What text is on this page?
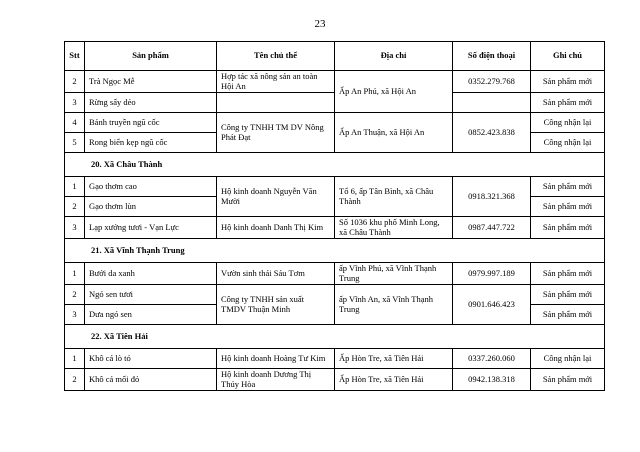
23
Stt	Sản phẩm	Tên chủ thể	Địa chỉ	Số điện thoại	Ghi chú
2	Trà Ngọc Mễ	Hợp tác xã nông sản an toàn Hội An	Ấp An Phú, xã Hội An	0352.279.768	Sản phẩm mới
3	Rừng sấy dẻo				Sản phẩm mới
4	Bánh truyền ngũ cốc	Công ty TNHH TM DV Nông Phát Đạt	Ấp An Thuận, xã Hội An	0852.423.838	Công nhận lại
5	Rong biển kẹp ngũ cốc				Công nhận lại
20. Xã Châu Thành					
1	Gạo thơm cao	Hộ kinh doanh Nguyễn Văn Mười	Tổ 6, ấp Tân Bình, xã Châu Thành	0918.321.368	Sản phẩm mới
2	Gạo thơm lùn				Sản phẩm mới
3	Lạp xưởng tươi - Vạn Lực	Hộ kinh doanh Danh Thị Kim	Số 1036 khu phố Minh Long, xã Châu Thành	0987.447.722	Sản phẩm mới
21. Xã Vĩnh Thạnh Trung					
1	Bưởi da xanh	Vườn sinh thái Sáu Tơm	ấp Vĩnh Phú, xã Vĩnh Thạnh Trung	0979.997.189	Sản phẩm mới
2	Ngó sen tươi	Công ty TNHH sản xuất TMDV Thuận Minh	ấp Vĩnh An, xã Vĩnh Thạnh Trung	0901.646.423	Sản phẩm mới
3	Dưa ngó sen				Sản phẩm mới
22. Xã Tiên Hải					
1	Khô cá lò tó	Hộ kinh doanh Hoàng Tư Kim	Ấp Hòn Tre, xã Tiên Hải	0337.260.060	Công nhận lại
2	Khô cá mối đỏ	Hộ kinh doanh Dương Thị Thúy Hòa	Ấp Hòn Tre, xã Tiên Hải	0942.138.318	Sản phẩm mới
